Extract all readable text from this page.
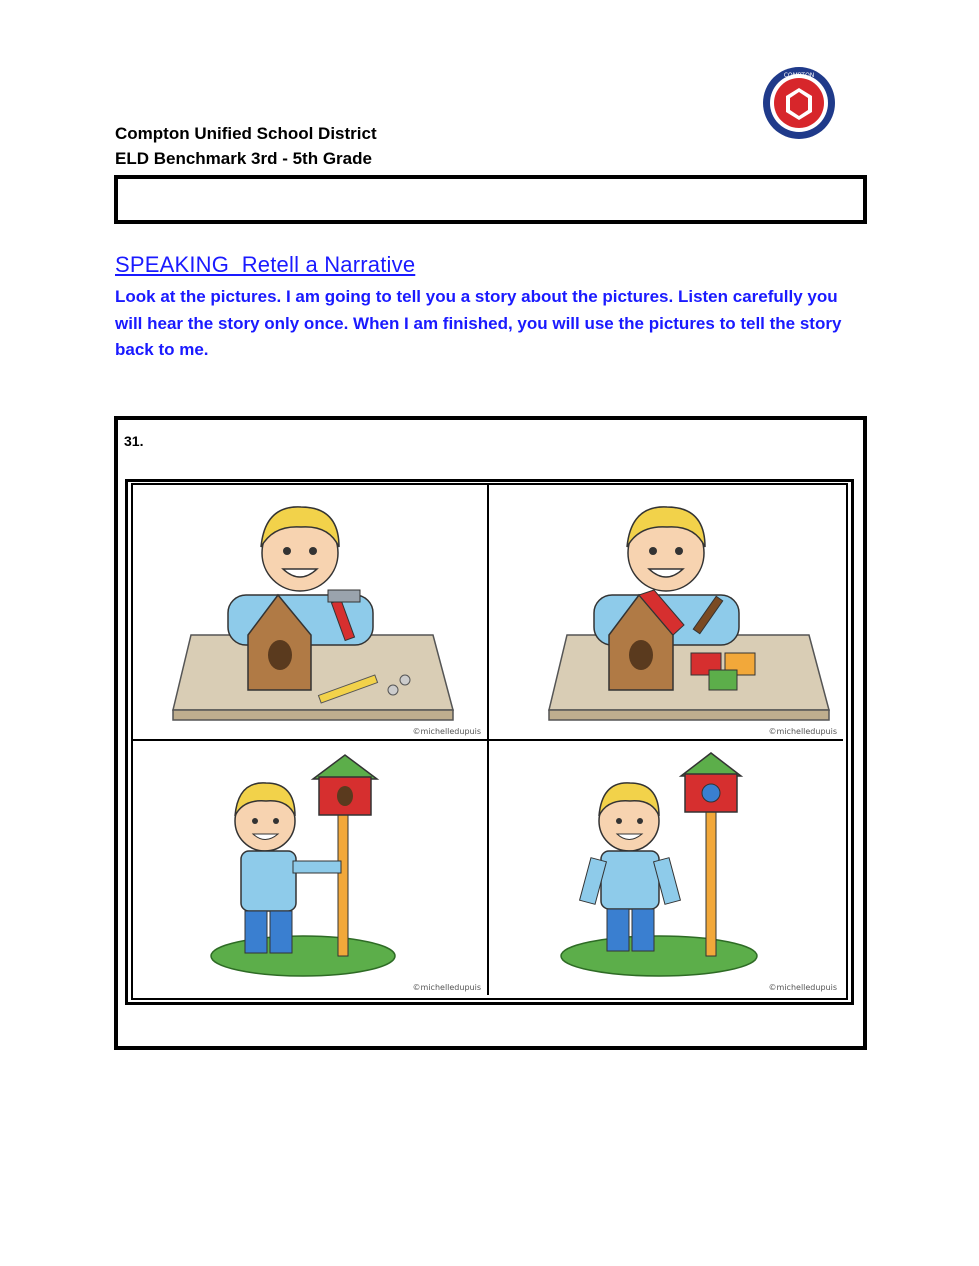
COMPTON
Compton Unified School District
ELD Benchmark 3rd - 5th Grade
SPEAKING  Retell a Narrative
Look at the pictures. I am going to tell you a story about the pictures. Listen carefully you will hear the story only once. When I am finished, you will use the pictures to tell the story back to me.
31.
©michelledupuis	©michelledupuis
©michelledupuis	©michelledupuis
